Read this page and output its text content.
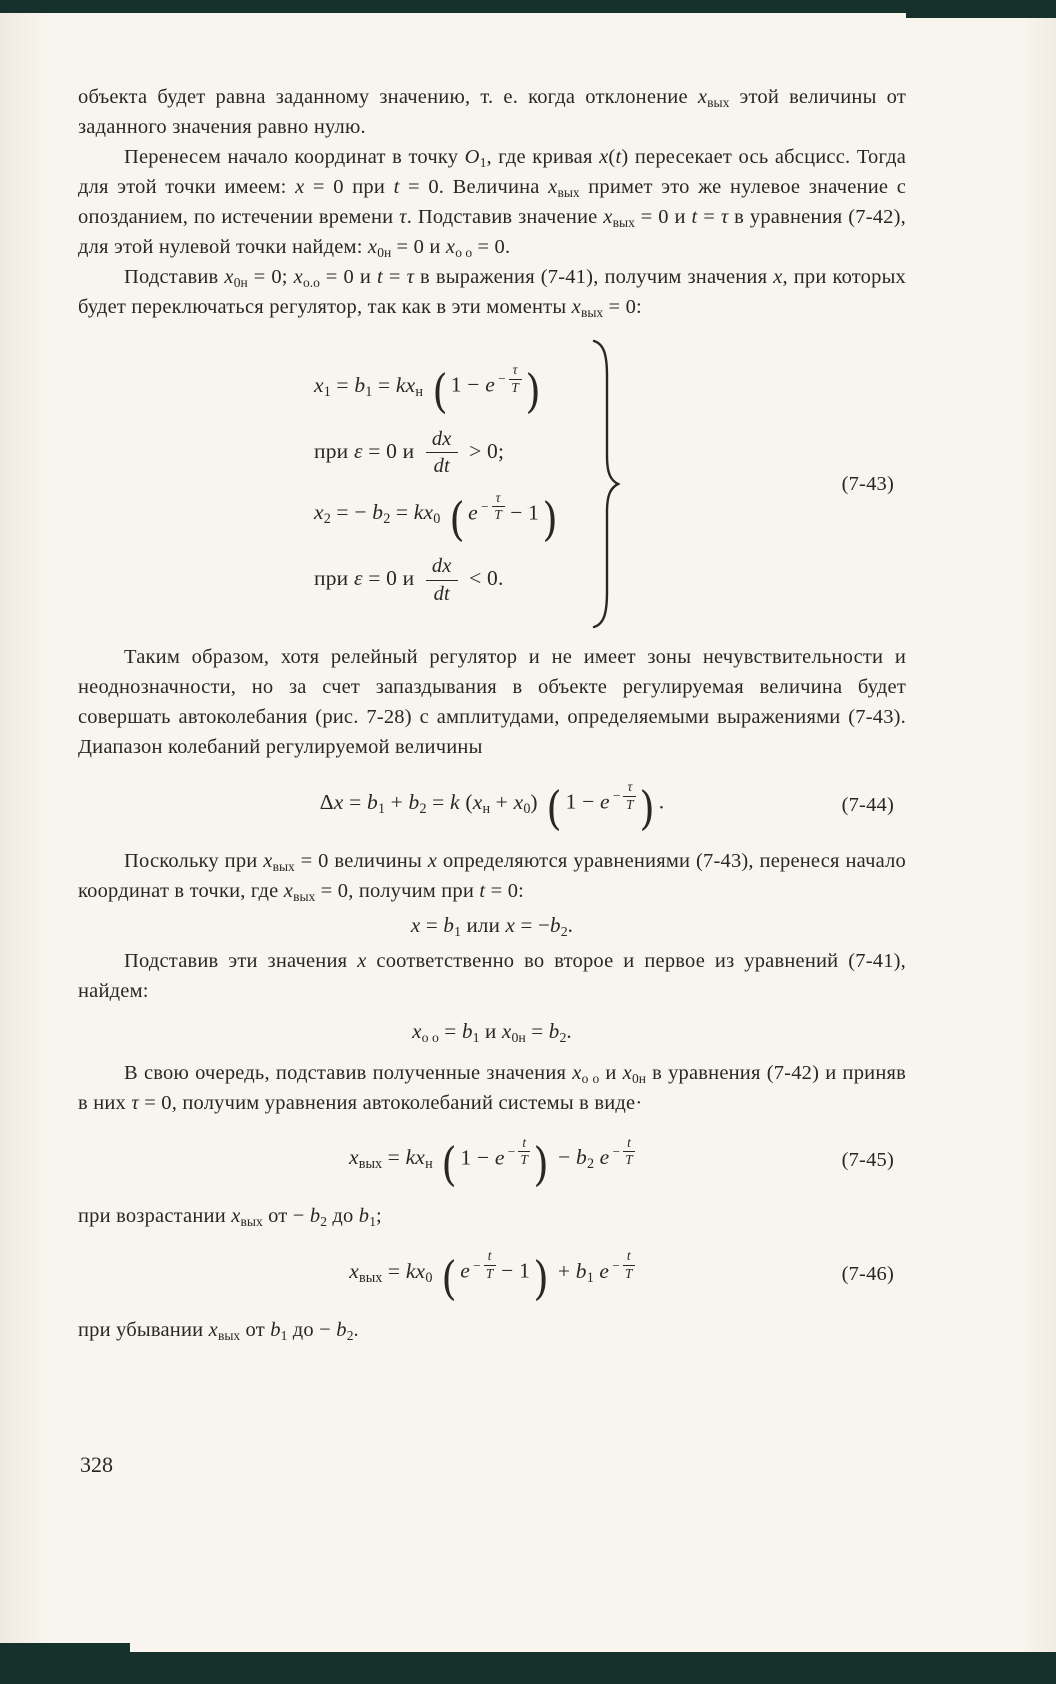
объекта будет равна заданному значению, т. е. когда отклонение xвых этой величины от заданного значения равно нулю.

Перенесем начало координат в точку O1, где кривая x(t) пересекает ось абсцисс. Тогда для этой точки имеем: x = 0 при t = 0. Величина xвых примет это же нулевое значение с опозданием, по истечении времени τ. Подставив значение xвых = 0 и t = τ в уравнения (7-42), для этой нулевой точки найдем: x0н = 0 и xо о = 0.

Подставив x0н = 0; xо.о = 0 и t = τ в выражения (7-41), получим значения x, при которых будет переключаться регулятор, так как в эти моменты xвых = 0:

x1 = b1 = kxн ( $1 - e - \frac{\tau}{T}$ )
при ε = 0 и $\frac{dx}{dt} > 0$;
x2 = − b2 = kx0 ( $e - \frac{\tau}{T} - 1$)
при ε = 0 и $\frac{dx}{dt} < 0$.
(7-43)

Таким образом, хотя релейный регулятор и не имеет зоны нечувствительности и неоднозначности, но за счет запаздывания в объекте регулируемая величина будет совершать автоколебания (рис. 7-28) с амплитудами, определяемыми выражениями (7-43). Диапазон колебаний регулируемой величины

Δx = b1 + b2 = k (xн + x0) ( $1 - e - \frac{\tau}{T}$ ) .	(7-44)

Поскольку при xвых = 0 величины x определяются уравнениями (7-43), перенеся начало координат в точки, где xвых = 0, получим при t = 0:

x = b1 или x = −b2.

Подставив эти значения x соответственно во второе и первое из уравнений (7-41), найдем:

xо о = b1 и x0н = b2.

В свою очередь, подставив полученные значения xо о и x0н в уравнения (7-42) и приняв в них τ = 0, получим уравнения автоколебаний системы в виде·

xвых = kxн ( $1 - e - \frac{t}{T}$ ) − b2 $e - \frac{t}{T}$	(7-45)

при возрастании xвых от − b2 до b1;

xвых = kx0 ( $e - \frac{t}{T} - 1) + b1$ $e - \frac{t}{T}$	(7-46)

при убывании xвых от b1 до − b2.

328
